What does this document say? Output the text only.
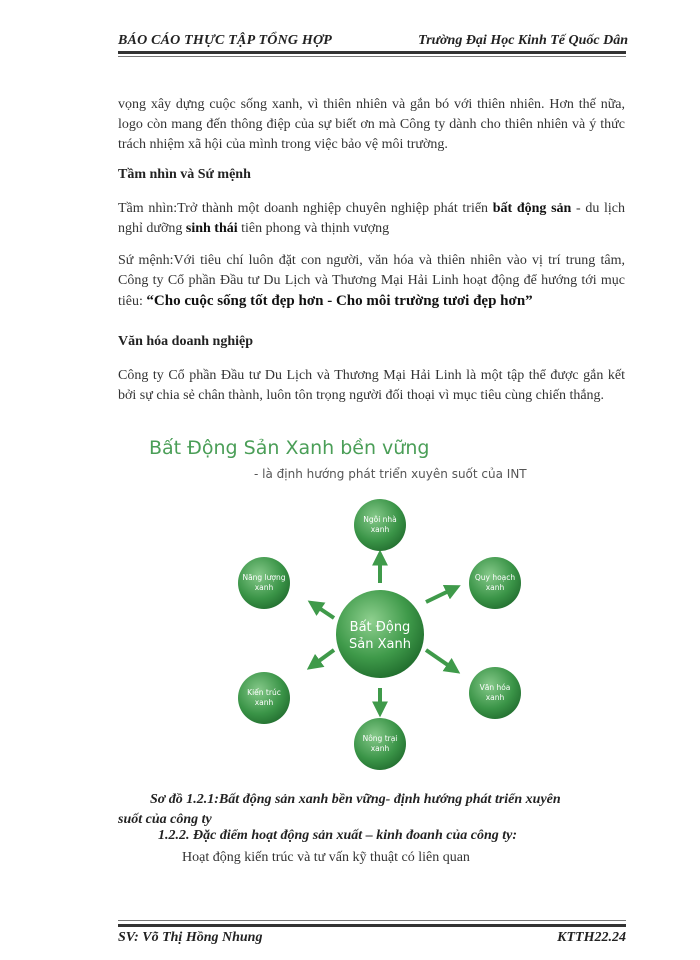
BÁO CÁO THỰC TẬP TỔNG HỢP	Trường Đại Học Kinh Tế Quốc Dân
vọng xây dựng cuộc sống xanh, vì thiên nhiên và gắn bó với thiên nhiên. Hơn thế nữa, logo còn mang đến thông điệp của sự biết ơn mà Công ty dành cho thiên nhiên và ý thức trách nhiệm xã hội của mình trong việc bảo vệ môi trường.
Tầm nhìn và Sứ mệnh
Tầm nhìn:Trở thành một doanh nghiệp chuyên nghiệp phát triển bất động sản - du lịch nghỉ dưỡng sinh thái tiên phong và thịnh vượng
Sứ mệnh:Với tiêu chí luôn đặt con người, văn hóa và thiên nhiên vào vị trí trung tâm, Công ty Cổ phần Đầu tư Du Lịch và Thương Mại Hải Linh hoạt động để hướng tới mục tiêu: “Cho cuộc sống tốt đẹp hơn - Cho môi trường tươi đẹp hơn”
Văn hóa doanh nghiệp
Công ty Cổ phần Đầu tư Du Lịch và Thương Mại Hải Linh là một tập thể được gắn kết bởi sự chia sẻ chân thành, luôn tôn trọng người đối thoại vì mục tiêu cùng chiến thắng.
Bất Động Sản Xanh bền vững
- là định hướng phát triển xuyên suốt của INT
Bất Động
Sản Xanh
Ngôi nhà
xanh
Quy hoạch
xanh
Văn hóa
xanh
Nông trại
xanh
Kiến trúc
xanh
Năng lượng
xanh
Sơ đồ 1.2.1:Bất động sản xanh bền vững- định hướng phát triển xuyên
suốt của công ty
1.2.2. Đặc điểm hoạt động sản xuất – kinh đoanh của công ty:
Hoạt động kiến trúc và tư vấn kỹ thuật có liên quan
SV: Võ Thị Hồng Nhung	KTTH22.24
